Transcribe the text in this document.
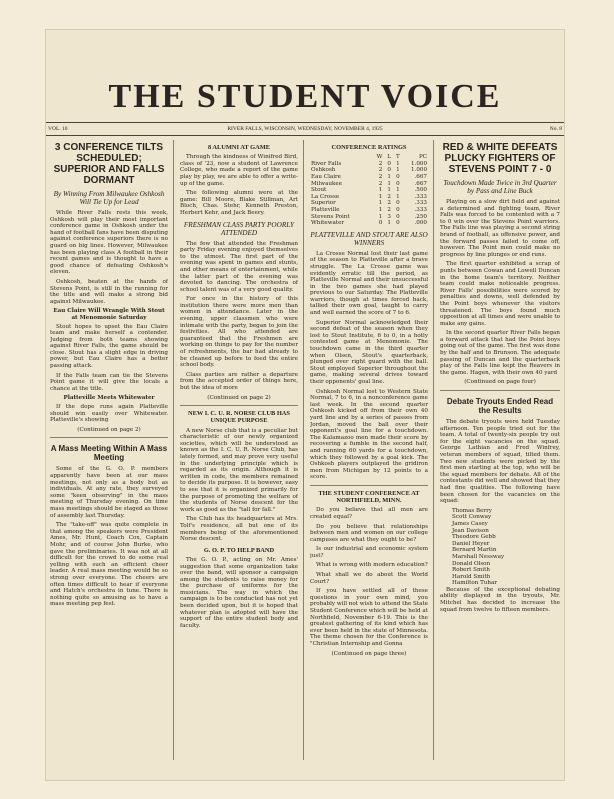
THE STUDENT VOICE
VOL. 10	RIVER FALLS, WISCONSIN, WEDNESDAY, NOVEMBER 4, 1925	No. 8
3 CONFERENCE TILTS SCHEDULED; SUPERIOR AND FALLS DORMANT
By Winning From Milwaukee Oshkosh Will Tie Up for Lead

While River Falls rests this week, Oshkosh will play their most important conference game in Oshkosh under the hand of football fans have been disputing against conference superiors there is no guard on big lines. However, Milwaukee has been playing class A football in their recent games and is thought to have a good chance of defeating Oshkosh's eleven.

Oshkosh, beaten at the hands of Stevens Point, is still in the running for the title and will make a strong bid against Milwaukee.

Eau Claire Will Wrangle With Stout at Menomonie Saturday

Stout hopes to upset the Eau Claire team and make herself a contender. Judging from both teams showing against River Falls, the game should be close. Stout has a slight edge in driving power, but Eau Claire has a better passing attack.

If the Falls team can tie the Stevens Point game it will give the locals a chance at the title.

Platteville Meets Whitewater

If the dope runs again Platteville should win easily over Whitewater. Platteville's showing

(Continued on page 2)
A Mass Meeting Within A Mass Meeting

Some of the G. O. P. members apparently have been at our mass meetings, not only as a body but as individuals. At any rate, they surveyed some "keen observing" in the mass meeting of Thursday evening. On time mass meetings should be staged as those of assembly last Thursday.

The "take-off" was quite complete in that among the speakers were President Ames, Mr. Hunt, Coach Cox, Captain Mohr, and of course John Burke, who gave the preliminaries. It was not at all difficult for the crowd to do some real yelling with such an efficient cheer leader. A real mass meeting would be so strong over everyone. The cheers are often times difficult to hear if everyone and Hatch's orchestra in tune. There is nothing quite so amusing as to have a mass meeting pep fest.

8 ALUMNI AT GAME

Through the kindness of Winifred Bird, class of '23, now a student of Lawrence College, who made a report of the game play by play, we are able to offer a write-up of the game.

The following alumni were at the game: Bill Moore, Blake Stillman, Art Bloch, Chas. Stehr, Kenneth Preston, Herbert Kehr, and Jack Beery.

FRESHMAN CLASS PARTY POORLY ATTENDED

The few that attended the Freshman party Friday evening enjoyed themselves to the utmost. The first part of the evening was spent in games and stunts, and other means of entertainment, while the latter part of the evening was devoted to dancing. The orchestra of school talent was of a very good quality.

For once in the history of this institution there were more men than women in attendance. Later in the evening, upper classmen who were intimate with the party, began to join the festivities. All who attended are guaranteed that the Freshmen are working on things to pay for the number of refreshments, the bar had already to be cleaned up before to feed the entire school body.

Class parties are rather a departure from the accepted order of things here, but the idea of more

(Continued on page 2)
NEW I. C. U. R. NORSE CLUB HAS UNIQUE PURPOSE

A new Norse club that is a peculiar but characteristic of our newly organized societies, which will be understood as known as the I. C. U. R. Norse Club, has lately formed, and may prove very useful in the underlying principle which is regarded as its origin. Although it is written in code, the members remained to decide its purpose. It is however, easy to see that it is organized primarily for the purpose of promoting the welfare of the students of Norse descent for the work as good as the "tall for fall."

The Club has its headquarters at Mrs. Tolf's residence, all but one of its members being of the aforementioned Norse descent.

G. O. P. TO HELP BAND

The G. O. P., acting on Mr. Ames' suggestion that some organization take over the band, will sponsor a campaign among the students to raise money for the purchase of uniforms for the musicians. The way in which the campaign is to be conducted has not yet been decided upon, but it is hoped that whatever plan is adopted will have the support of the entire student body and faculty.

CONFERENCE RATINGS
	W	L	T	PC
River Falls	2	0	1	1.000
Oshkosh	2	0	1	1.000
Eau Claire	2	1	0	.667
Milwaukee	2	1	0	.667
Stout	1	1	1	.500
La Crosse	1	2	1	.333
Superior	1	2	0	.333
Platteville	1	2	0	.333
Stevens Point	1	3	0	.250
Whitewater	0	1	0	.000
PLATTEVILLE AND STOUT ARE ALSO WINNERS

La Crosse Normal lost their last game of the season to Platteville after a brave struggle. The La Crosse game was evidently erratic till the period, as Platteville Normal and their unsuccessful in the two games she had played previous to our Saturday. The Platteville warriors, though at times forced back, tallied their own goal, taught to carry and well earned the score of 7 to 6.

Superior Normal acknowledged their second defeat of the season when they lost to Stout Institute, 6 to 0, in a hotly contested game at Menomonie. The touchdown came in the third quarter when Olsen, Stout's quarterback, plunged over right guard with the ball. Stout employed Superior throughout the game, making several drives toward their opponents' goal line.

Oshkosh Normal lost to Western State Normal, 7 to 6, in a nonconference game last week. In the second quarter Oshkosh kicked off from their own 40 yard line and by a series of passes from Jordan, moved the ball over their opponent's goal line for a touchdown. The Kalamazoo men made their score by recovering a fumble in the second half, and running 60 yards for a touchdown, which they followed by a goal kick. The Oshkosh players outplayed the gridiron men from Michigan by 12 points to a score.

THE STUDENT CONFERENCE AT NORTHFIELD, MINN.

Do you believe that all men are created equal?

Do you believe that relationships between men and women on our college campuses are what they ought to be?

Is our industrial and economic system just?

What is wrong with modern education?

What shall we do about the World Court?

If you have settled all of these questions in your own mind, you probably will not wish to attend the State Student Conference which will be held at Northfield, November 6-19. This is the greatest gathering of its kind which has ever been held in the state of Minnesota. The theme chosen for the Conference is "Christian Internship and Gonna

(Continued on page three)
RED & WHITE DEFEATS PLUCKY FIGHTERS OF STEVENS POINT 7 - 0
Touchdown Made Twice in 3rd Quarter by Pass and Line Buck

Playing on a slow dirt field and against a determined and fighting team, River Falls was forced to be contented with a 7 to 0 win over the Stevens Point warriors. The Falls line was playing a second string brand of football, as offensive power, and the forward passes failed to come off, however. The Point men could make no progress by line plunges or end runs.

The first quarter exhibited a scrap of punts between Cowan and Lowell Duncan in the home team's territory. Neither team could make noticeable progress. River Falls' possibilities were scored by penalties and downs, well defended by the Point boys whenever the visitors threatened. The boys found much opposition at all times and were unable to make any gains.

In the second quarter River Falls began a forward attack that had the Point boys going out of the game. The first was done by the half and to Brunson. The adequate passing of Duncan and the quarterback play of the Falls line kept the Reavers in the game. Hagen, with their own 40 yard

(Continued on page four)
Debate Tryouts Ended Read the Results

The debate tryouts were held Tuesday afternoon. Ten people tried out for the team. A total of twenty-six people try out for the eight vacancies on the squad. George Lathian and Fred Winfrey, veteran members of squad, tilted them. Two new students were picked by the first men starting at the top, who will be the squad members for debate. All of the contestants did well and showed that they had fine qualities. The following have been chosen for the vacancies on the squad:

Thomas Berry
Scott Conway
James Casey
Jean Davison
Theodore Gebb
Daniel Heyer
Bernard Martin
Marshall Nessway
Donald Olson
Robert Smith
Harold Smith
Hamilton Tuhar

Because of the exceptional debating ability displayed in the tryouts, Mr. Mitchel has decided to increase the squad from twelve to fifteen members.
